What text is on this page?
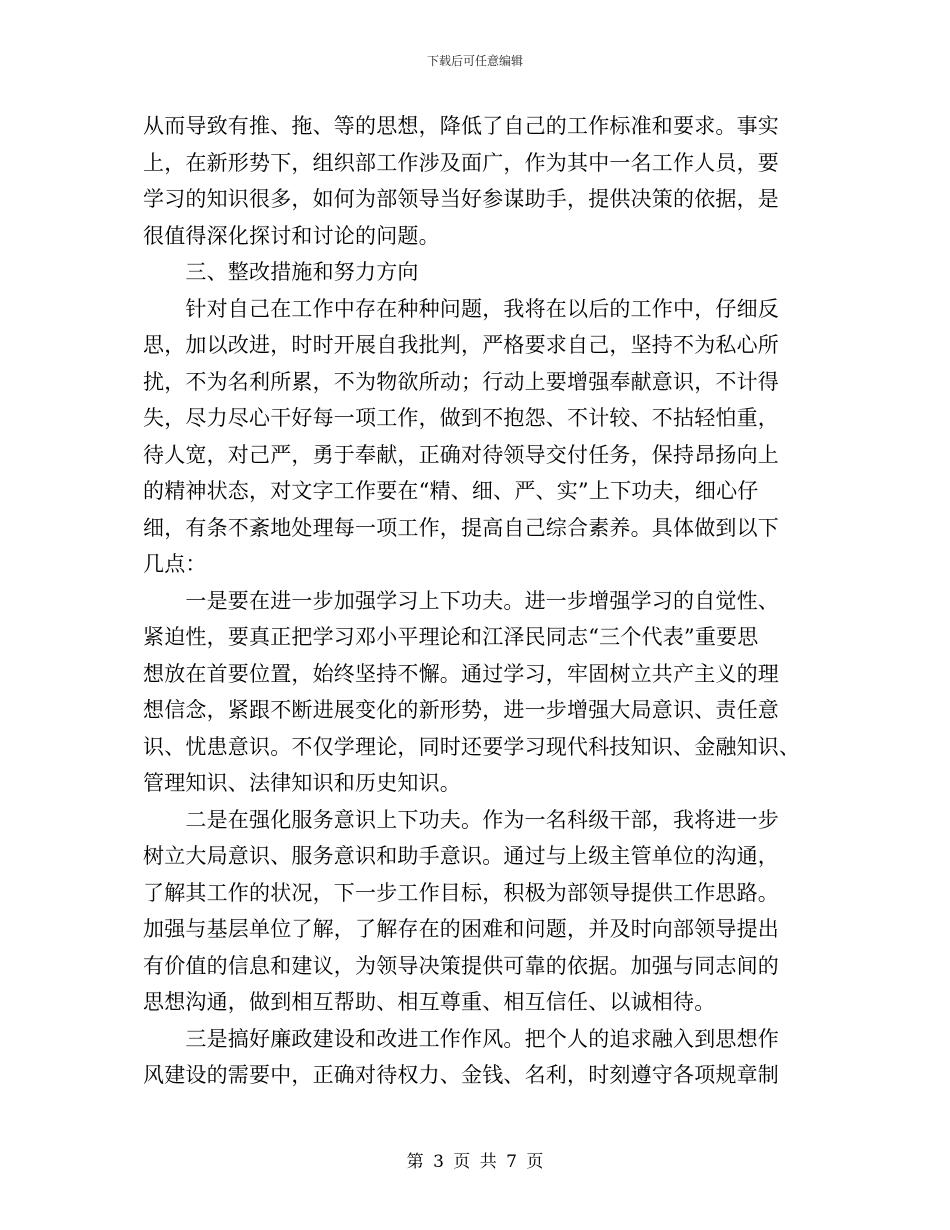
下载后可任意编辑
从而导致有推、拖、等的思想，降低了自己的工作标准和要求。事实
上，在新形势下，组织部工作涉及面广，作为其中一名工作人员，要
学习的知识很多，如何为部领导当好参谋助手，提供决策的依据，是
很值得深化探讨和讨论的问题。
　　三、整改措施和努力方向
　　针对自己在工作中存在种种问题，我将在以后的工作中，仔细反
思，加以改进，时时开展自我批判，严格要求自己，坚持不为私心所
扰，不为名利所累，不为物欲所动；行动上要增强奉献意识，不计得
失，尽力尽心干好每一项工作，做到不抱怨、不计较、不拈轻怕重，
待人宽，对己严，勇于奉献，正确对待领导交付任务，保持昂扬向上
的精神状态，对文字工作要在“精、细、严、实”上下功夫，细心仔
细，有条不紊地处理每一项工作，提高自己综合素养。具体做到以下
几点：
　　一是要在进一步加强学习上下功夫。进一步增强学习的自觉性、
紧迫性，要真正把学习邓小平理论和江泽民同志“三个代表”重要思
想放在首要位置，始终坚持不懈。通过学习，牢固树立共产主义的理
想信念，紧跟不断进展变化的新形势，进一步增强大局意识、责任意
识、忧患意识。不仅学理论，同时还要学习现代科技知识、金融知识、
管理知识、法律知识和历史知识。
　　二是在强化服务意识上下功夫。作为一名科级干部，我将进一步
树立大局意识、服务意识和助手意识。通过与上级主管单位的沟通，
了解其工作的状况，下一步工作目标，积极为部领导提供工作思路。
加强与基层单位了解，了解存在的困难和问题，并及时向部领导提出
有价值的信息和建议，为领导决策提供可靠的依据。加强与同志间的
思想沟通，做到相互帮助、相互尊重、相互信任、以诚相待。
　　三是搞好廉政建设和改进工作作风。把个人的追求融入到思想作
风建设的需要中，正确对待权力、金钱、名利，时刻遵守各项规章制
第 3 页 共 7 页
